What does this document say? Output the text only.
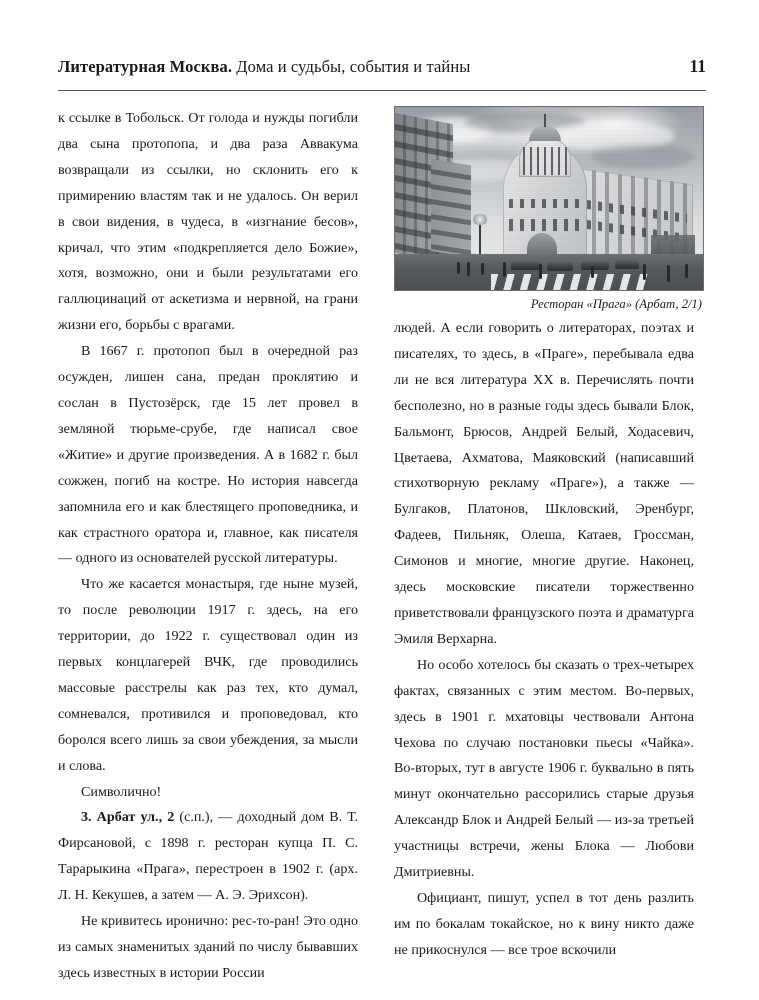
Литературная Москва. Дома и судьбы, события и тайны	11

к ссылке в Тобольск. От голода и нужды погибли два сына протопопа, и два раза Аввакума возвращали из ссылки, но склонить его к примирению властям так и не удалось. Он верил в свои видения, в чудеса, в «изгнание бесов», кричал, что этим «подкрепляется дело Божие», хотя, возможно, они и были результатами его галлюцинаций от аскетизма и нервной, на грани жизни его, борьбы с врагами.

В 1667 г. протопоп был в очередной раз осужден, лишен сана, предан проклятию и сослан в Пустозёрск, где 15 лет провел в земляной тюрьме-срубе, где написал свое «Житие» и другие произведения. А в 1682 г. был сожжен, погиб на костре. Но история навсегда запомнила его и как блестящего проповедника, и как страстного оратора и, главное, как писателя — одного из основателей русской литературы.

Что же касается монастыря, где ныне музей, то после революции 1917 г. здесь, на его территории, до 1922 г. существовал один из первых концлагерей ВЧК, где проводились массовые расстрелы как раз тех, кто думал, сомневался, противился и проповедовал, кто боролся всего лишь за свои убеждения, за мысли и слова.

Символично!

3. Арбат ул., 2 (с.п.), — доходный дом В. Т. Фирсановой, с 1898 г. ресторан купца П. С. Тарарыкина «Прага», перестроен в 1902 г. (арх. Л. Н. Кекушев, а затем — А. Э. Эрихсон).

Не кривитесь иронично: рес-то-ран! Это одно из самых знаменитых зданий по числу бывавших здесь известных в истории России

Ресторан «Прага» (Арбат, 2/1)

людей. А если говорить о литераторах, поэтах и писателях, то здесь, в «Праге», перебывала едва ли не вся литература XX в. Перечислять почти бесполезно, но в разные годы здесь бывали Блок, Бальмонт, Брюсов, Андрей Белый, Ходасевич, Цветаева, Ахматова, Маяковский (написавший стихотворную рекламу «Праге»), а также — Булгаков, Платонов, Шкловский, Эренбург, Фадеев, Пильняк, Олеша, Катаев, Гроссман, Симонов и многие, многие другие. Наконец, здесь московские писатели торжественно приветствовали французского поэта и драматурга Эмиля Верхарна.

Но особо хотелось бы сказать о трех-четырех фактах, связанных с этим местом. Во-первых, здесь в 1901 г. мхатовцы чествовали Антона Чехова по случаю постановки пьесы «Чайка». Во-вторых, тут в августе 1906 г. буквально в пять минут окончательно рассорились старые друзья Александр Блок и Андрей Белый — из-за третьей участницы встречи, жены Блока — Любови Дмитриевны.

Официант, пишут, успел в тот день разлить им по бокалам токайское, но к вину никто даже не прикоснулся — все трое вскочили
